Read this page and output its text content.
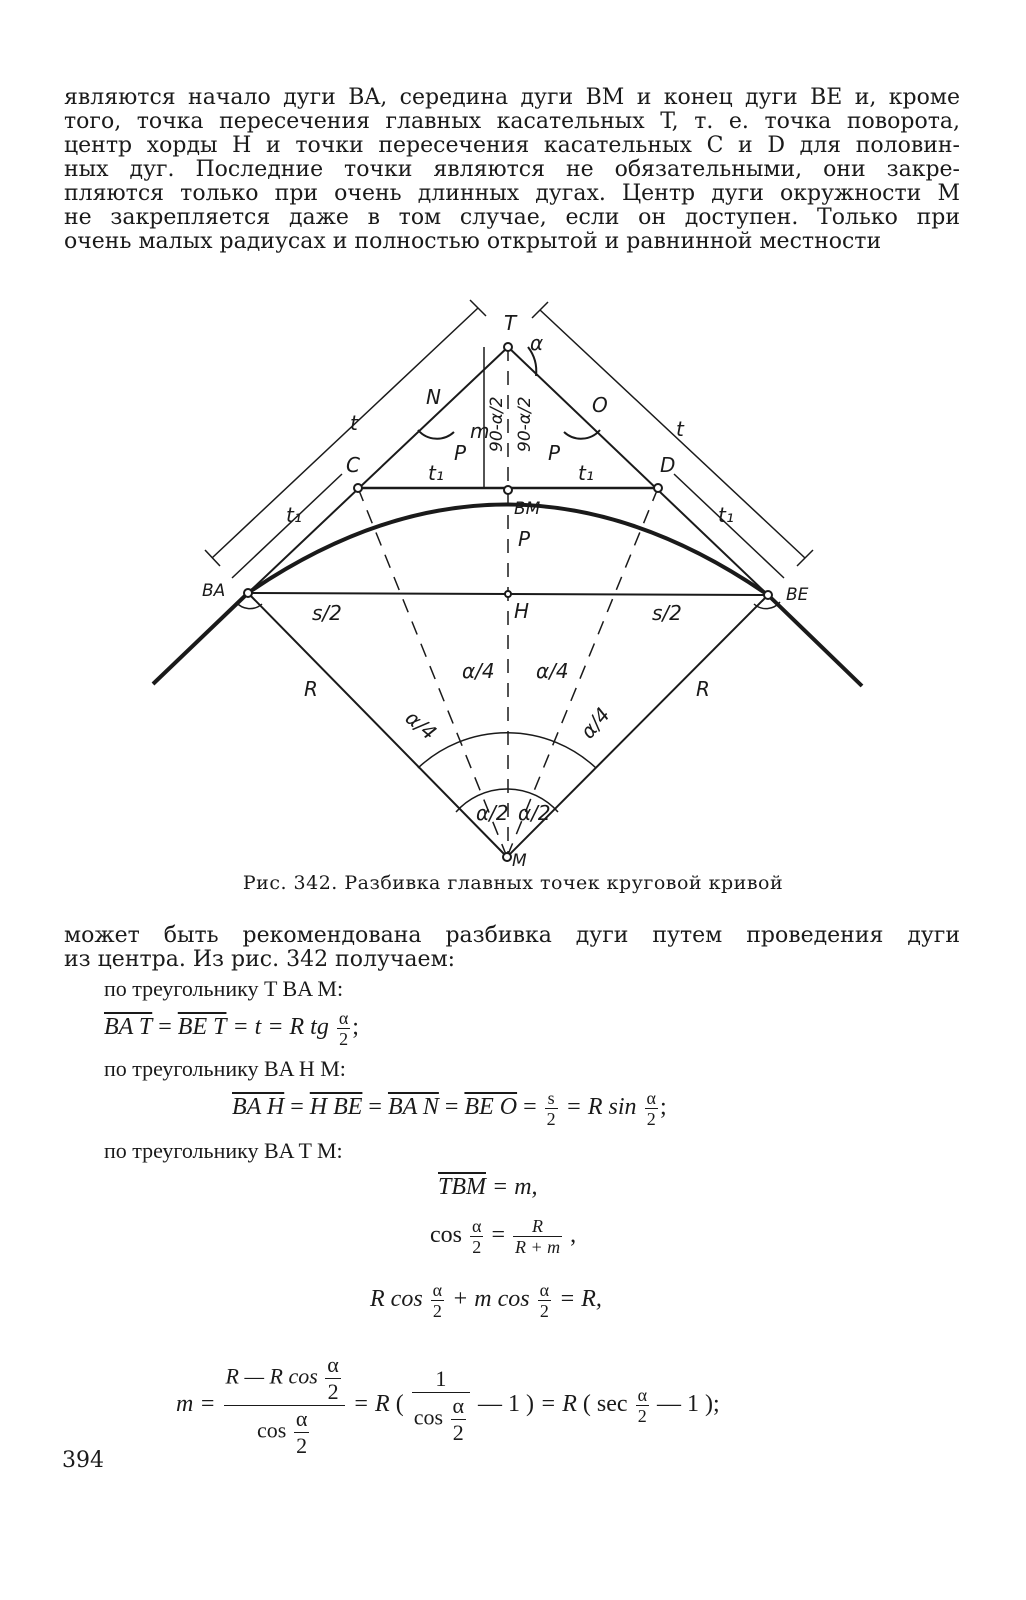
являются начало дуги BA, середина дуги BM и конец дуги BE и, кроме
того, точка пересечения главных касательных T, т. е. точка поворота,
центр хорды H и точки пересечения касательных C и D для половин-
ных дуг. Последние точки являются не обязательными, они закре-
пляются только при очень длинных дугах. Центр дуги окружности M
не закрепляется даже в том случае, если он доступен. Только при
очень малых радиусах и полностью открытой и равнинной местности
T
α
N	O
m
90-α/2 90-α/2
C	D
P	P
t₁	t₁
t	t
t₁	t₁
BM
P
BA	BE
H
s/2	s/2
R	R
α/4
α/4 α/4
α/4
α/2 α/2
M
Рис. 342. Разбивка главных точек круговой кривой
может быть рекомендована разбивка дуги путем проведения дуги
из центра. Из рис. 342 получаем:
по треугольнику T BA M:
BA T = BE T = t = R tg $\frac{\alpha}{2}$ ;
по треугольнику BA H M:
BA H = H BE = BA N = BE $O = \frac{s}{2} = R$ $\sin \frac{\alpha}{2}$ ;
по треугольнику BA T M:
$\overline{TBM} = m$,
$\cos \frac{\alpha}{2} = \frac{R}{R + m}$ ,
R $\cos \frac{\alpha}{2} + m$ $\cos \frac{\alpha}{2} = R$,
$m = \frac{R — R \cos \frac{\alpha}{2}}{\cos \frac{\alpha}{2}} = R$ ( $\frac{1}{\cos \frac{\alpha}{2}}$ — 1 ) = R ( $\sec \frac{\alpha}{2}$ — 1 );
394
